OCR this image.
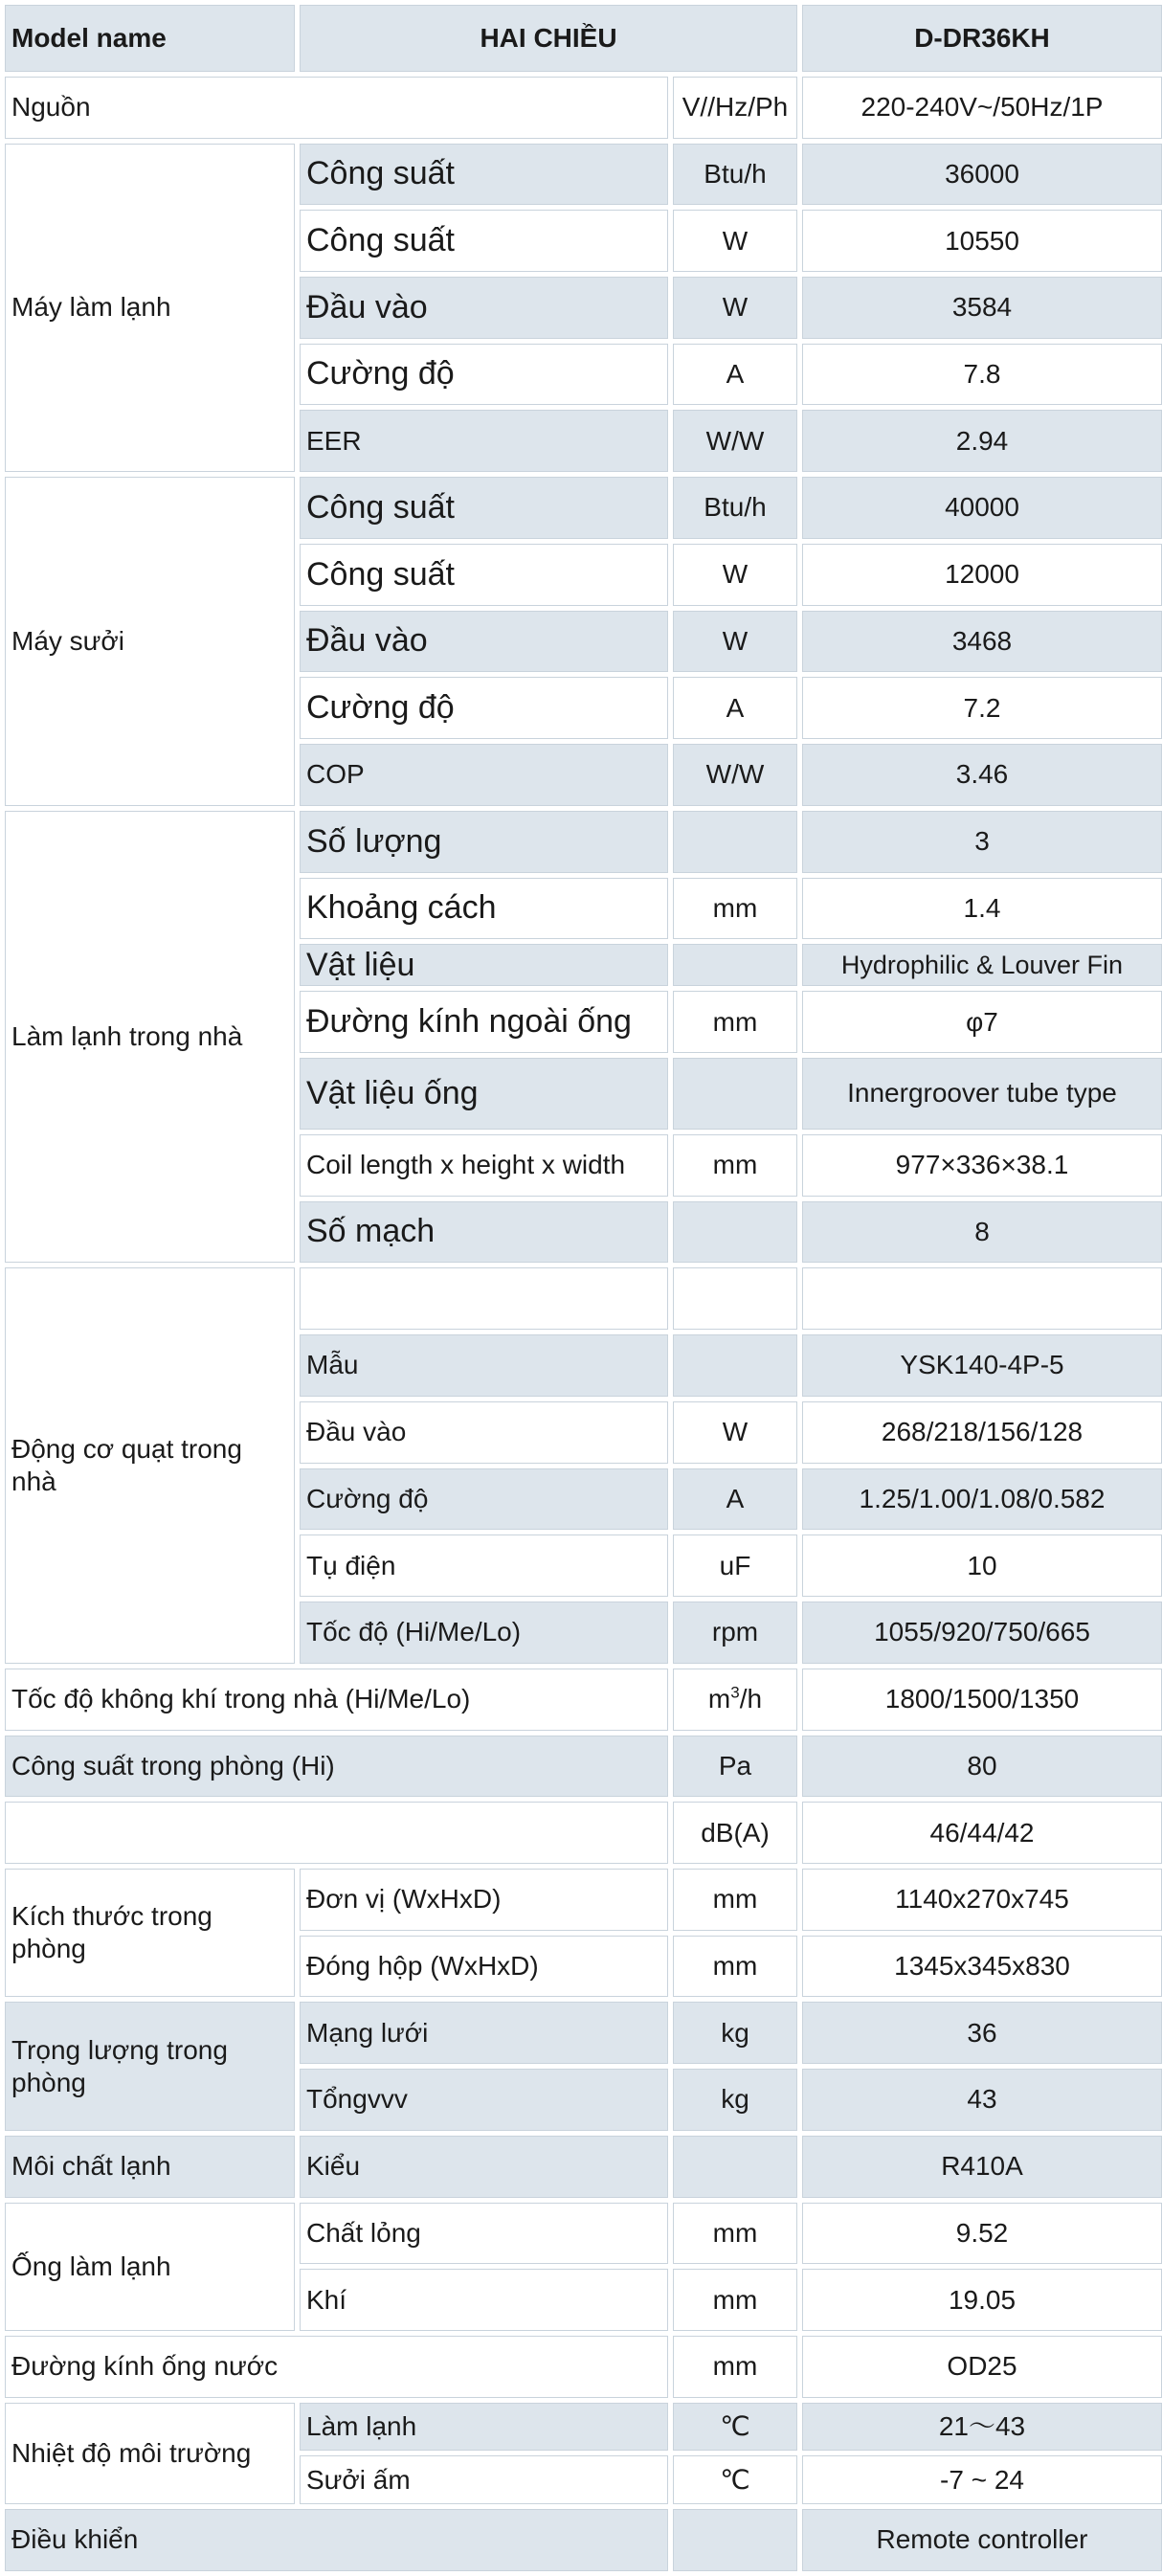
Model name	HAI CHIỀU		D-DR36KH
Nguồn		V//Hz/Ph	220-240V~/50Hz/1P
Máy làm lạnh	Công suất	Btu/h	36000
	Công suất	W	10550
	Đầu vào	W	3584
	Cường độ	A	7.8
	EER	W/W	2.94
Máy sưởi	Công suất	Btu/h	40000
	Công suất	W	12000
	Đầu vào	W	3468
	Cường độ	A	7.2
	COP	W/W	3.46
Làm lạnh trong nhà	Số lượng		3
	Khoảng cách	mm	1.4
	Vật liệu		Hydrophilic & Louver Fin
	Đường kính ngoài ống	mm	φ7
	Vật liệu ống		Innergroover tube type
	Coil length x height x width	mm	977×336×38.1
	Số mạch		8
Động cơ quạt trong nhà			
	Mẫu		YSK140-4P-5
	Đầu vào	W	268/218/156/128
	Cường độ	A	1.25/1.00/1.08/0.582
	Tụ điện	uF	10
	Tốc độ (Hi/Me/Lo)	rpm	1055/920/750/665
Tốc độ không khí trong nhà (Hi/Me/Lo)		$m^3/h$	1800/1500/1350
Công suất trong phòng (Hi)		Pa	80
		dB(A)	46/44/42
Kích thước trong phòng	Đơn vị (WxHxD)	mm	1140x270x745
	Đóng hộp (WxHxD)	mm	1345x345x830
Trọng lượng trong phòng	Mạng lưới	kg	36
	Tổngvvv	kg	43
Môi chất lạnh	Kiểu		R410A
Ống làm lạnh	Chất lỏng	mm	9.52
	Khí	mm	19.05
Đường kính ống nước		mm	OD25
Nhiệt độ môi trường	Làm lạnh	℃	21～43
	Sưởi ấm	℃	-7 ~ 24
Điều khiển			Remote controller
